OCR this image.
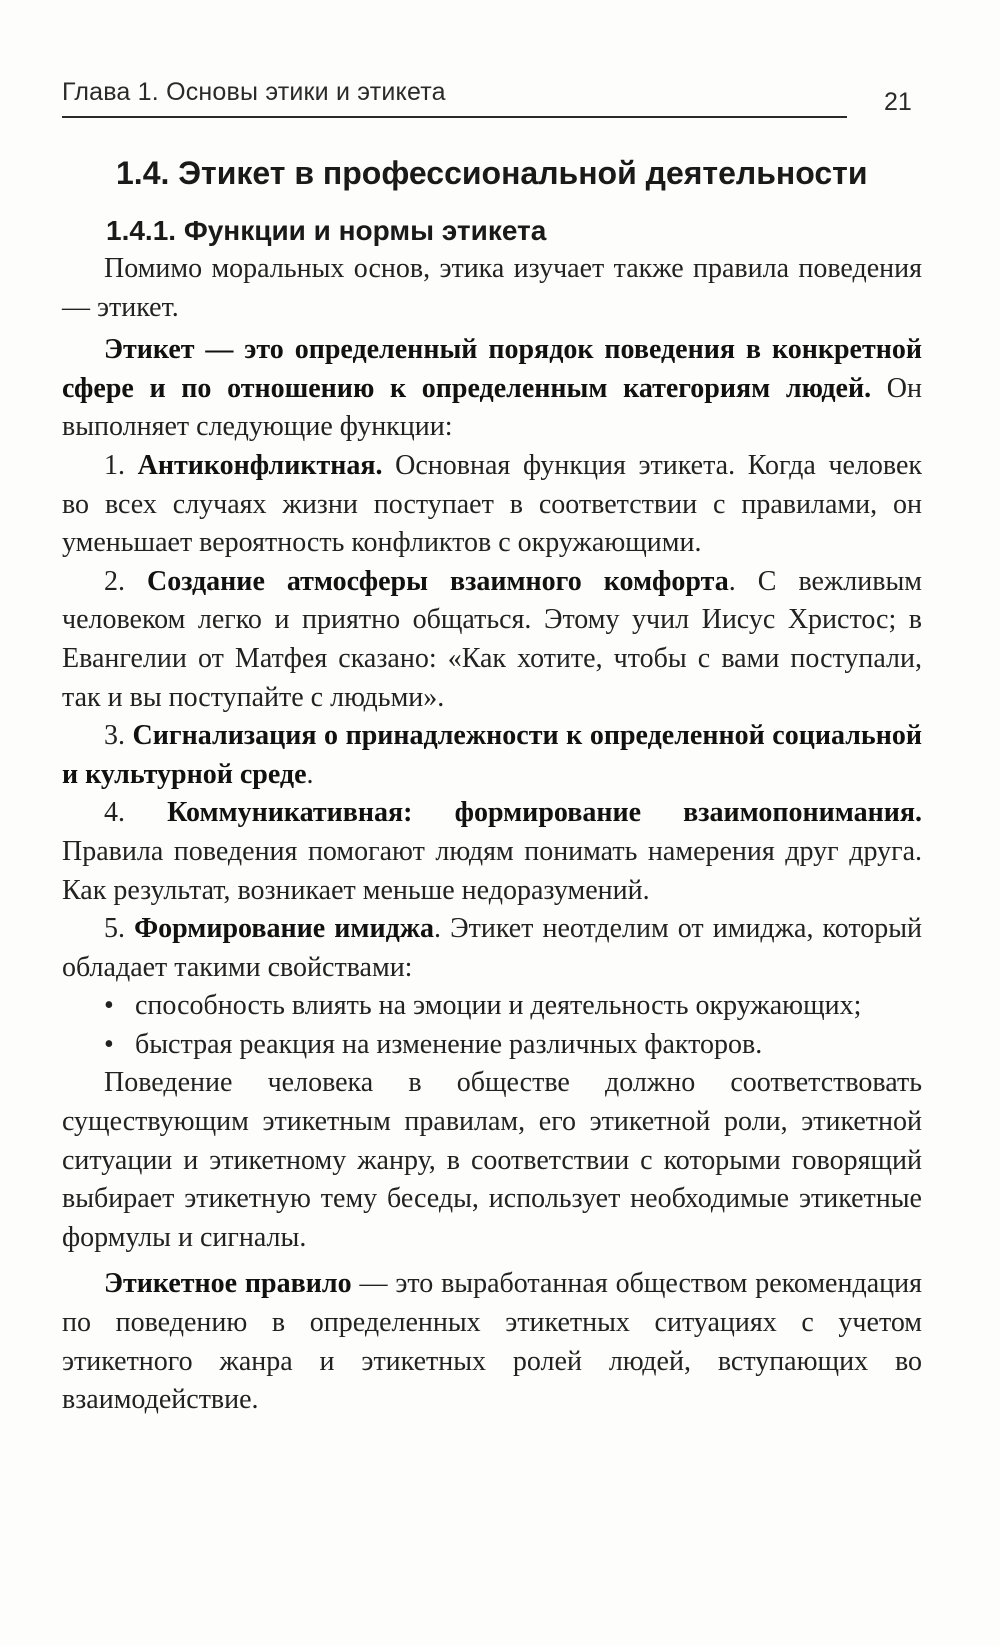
Глава 1. Основы этики и этикета	21
1.4. Этикет в профессиональной деятельности
1.4.1. Функции и нормы этикета

Помимо моральных основ, этика изучает также правила поведения — этикет.

Этикет — это определенный порядок поведения в конкретной сфере и по отношению к определенным категориям людей. Он выполняет следующие функции:

1. Антиконфликтная. Основная функция этикета. Когда человек во всех случаях жизни поступает в соответствии с правилами, он уменьшает вероятность конфликтов с окружающими.

2. Создание атмосферы взаимного комфорта. С вежливым человеком легко и приятно общаться. Этому учил Иисус Христос; в Евангелии от Матфея сказано: «Как хотите, чтобы с вами поступали, так и вы поступайте с людьми».

3. Сигнализация о принадлежности к определенной социальной и культурной среде.

4. Коммуникативная: формирование взаимопонимания. Правила поведения помогают людям понимать намерения друг друга. Как результат, возникает меньше недоразумений.

5. Формирование имиджа. Этикет неотделим от имиджа, который обладает такими свойствами:

• способность влиять на эмоции и деятельность окружающих;
• быстрая реакция на изменение различных факторов.

Поведение человека в обществе должно соответствовать существующим этикетным правилам, его этикетной роли, этикетной ситуации и этикетному жанру, в соответствии с которыми говорящий выбирает этикетную тему беседы, использует необходимые этикетные формулы и сигналы.

Этикетное правило — это выработанная обществом рекомендация по поведению в определенных этикетных ситуациях с учетом этикетного жанра и этикетных ролей людей, вступающих во взаимодействие.
